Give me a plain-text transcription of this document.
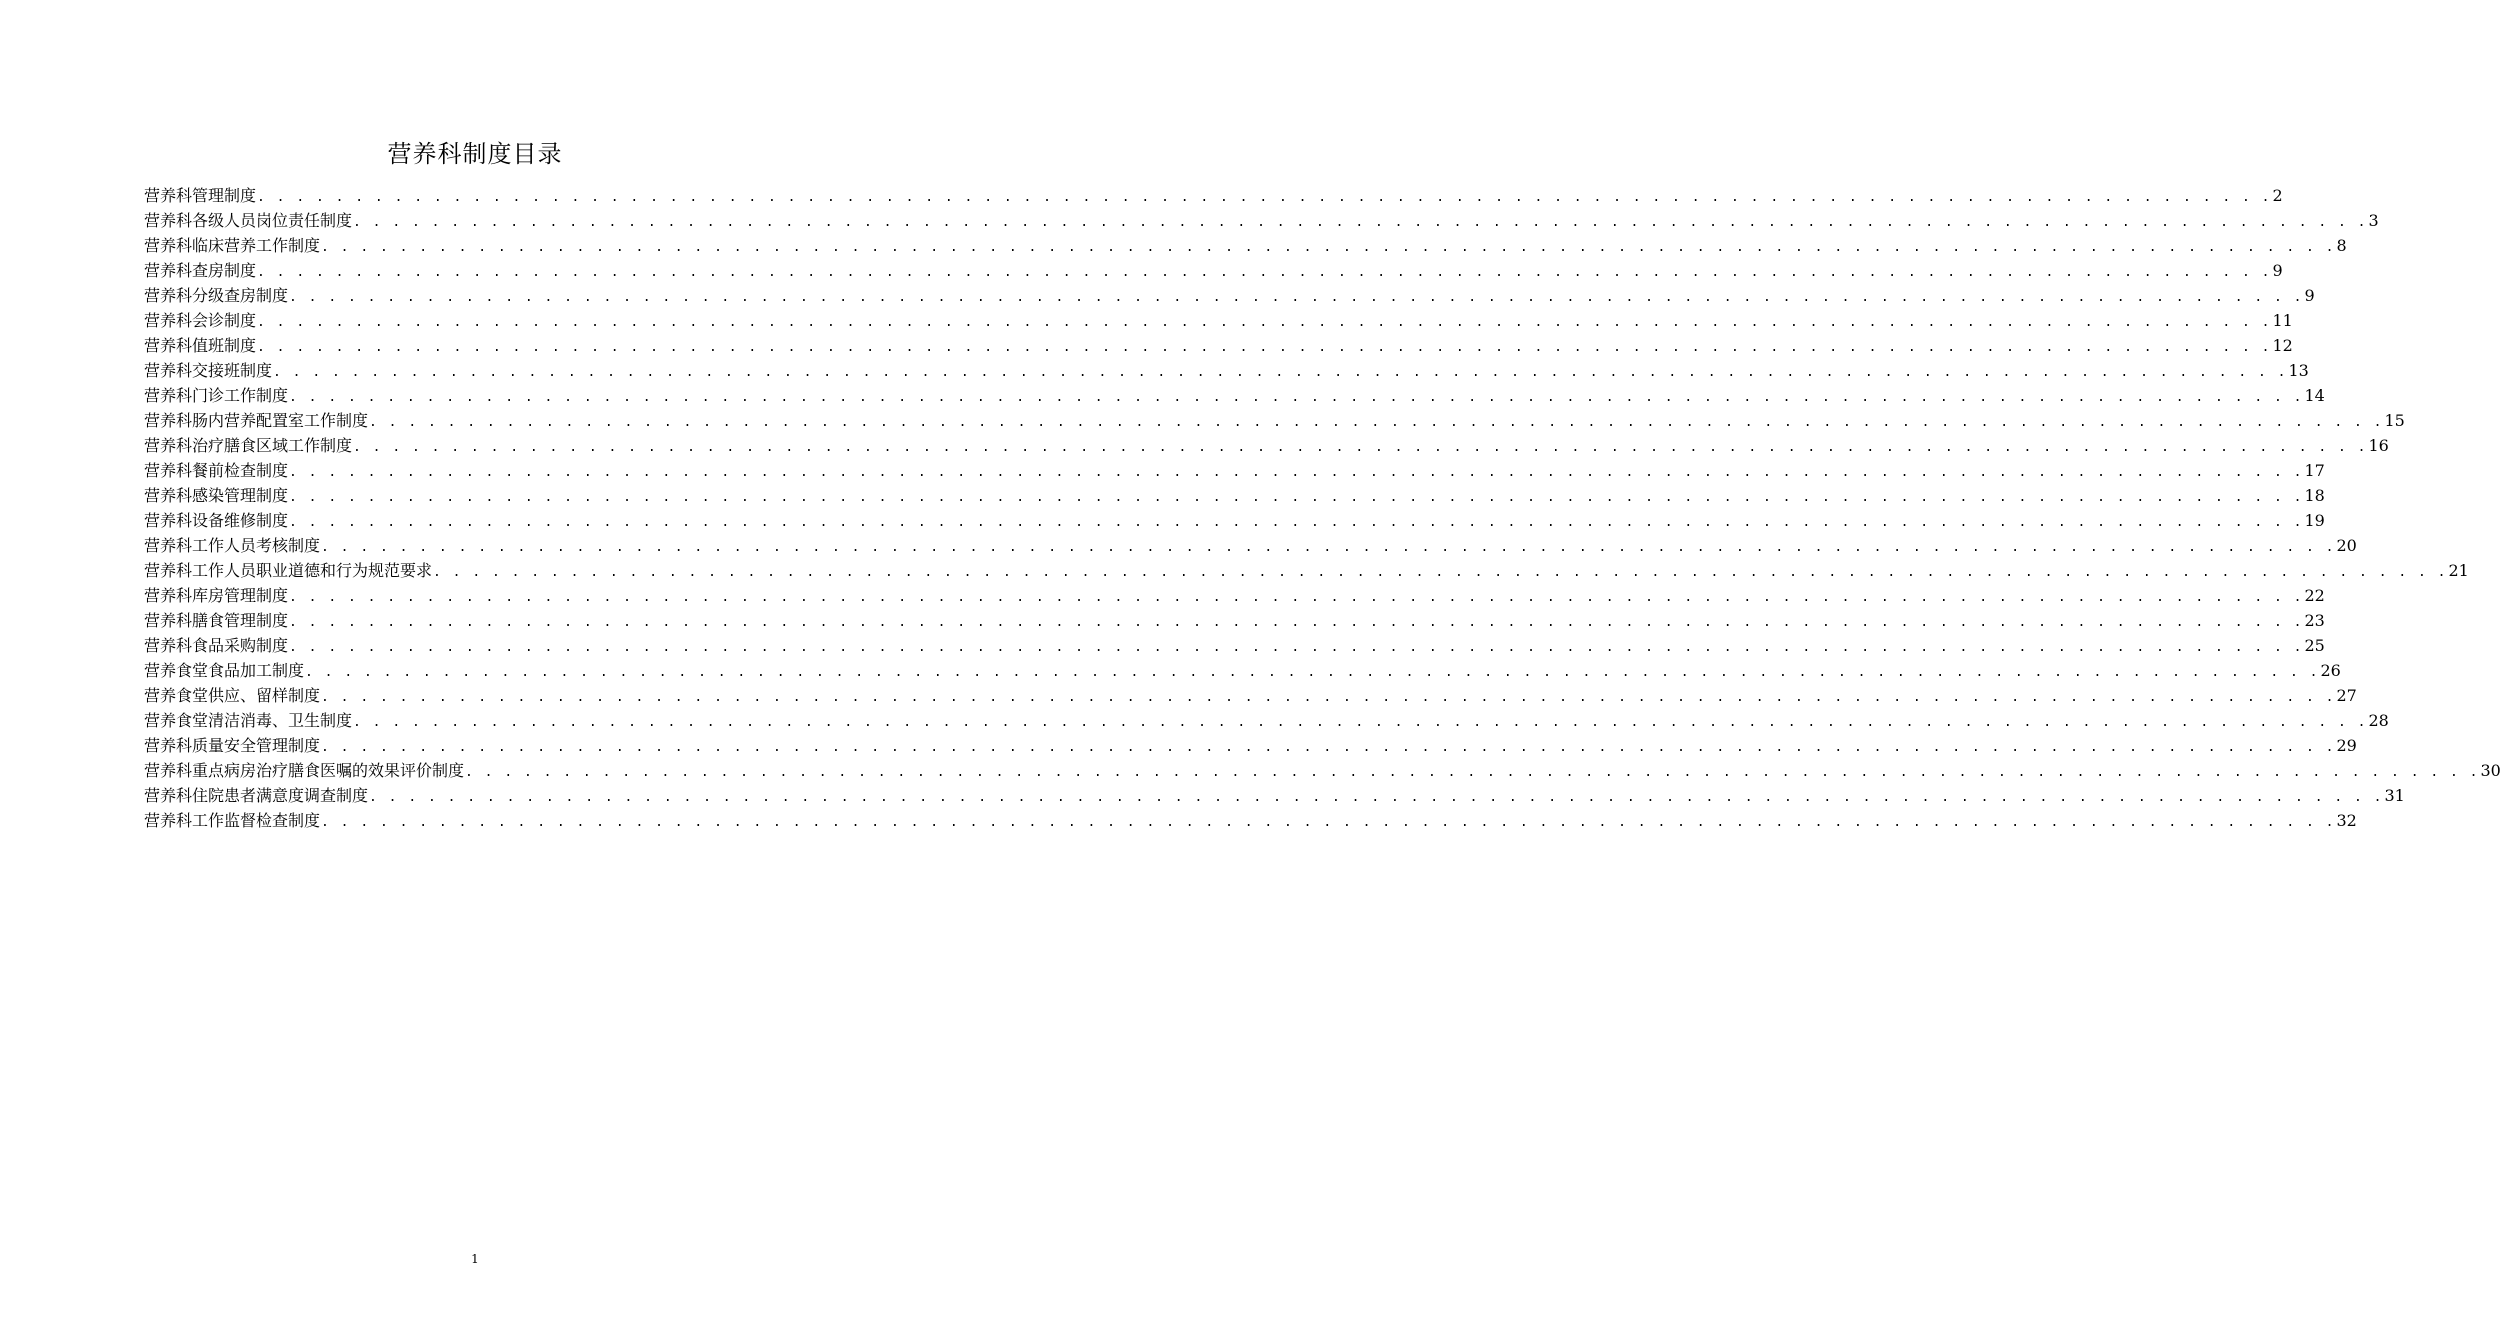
营养科制度目录
营养科管理制度 . . . . . . . . . . . . . . . . . . . . . . . . . . . . . . . . . . . . . . . . . . . . . . . . . . . . . . . . . . . . . . . . . . . . . . . . . . . . . . . . . . . . . . . . . . . . . . . . . . . . . . . 2
营养科各级人员岗位责任制度 . . . . . . . . . . . . . . . . . . . . . . . . . . . . . . . . . . . . . . . . . . . . . . . . . . . . . . . . . . . . . . . . . . . . . . . . . . . . . . . . . . . . . . . . . . . . . . . . . . . . . . . 3
营养科临床营养工作制度 . . . . . . . . . . . . . . . . . . . . . . . . . . . . . . . . . . . . . . . . . . . . . . . . . . . . . . . . . . . . . . . . . . . . . . . . . . . . . . . . . . . . . . . . . . . . . . . . . . . . . . . 8
营养科查房制度 . . . . . . . . . . . . . . . . . . . . . . . . . . . . . . . . . . . . . . . . . . . . . . . . . . . . . . . . . . . . . . . . . . . . . . . . . . . . . . . . . . . . . . . . . . . . . . . . . . . . . . . 9
营养科分级查房制度 . . . . . . . . . . . . . . . . . . . . . . . . . . . . . . . . . . . . . . . . . . . . . . . . . . . . . . . . . . . . . . . . . . . . . . . . . . . . . . . . . . . . . . . . . . . . . . . . . . . . . . . 9
营养科会诊制度 . . . . . . . . . . . . . . . . . . . . . . . . . . . . . . . . . . . . . . . . . . . . . . . . . . . . . . . . . . . . . . . . . . . . . . . . . . . . . . . . . . . . . . . . . . . . . . . . . . . . . . . 11
营养科值班制度 . . . . . . . . . . . . . . . . . . . . . . . . . . . . . . . . . . . . . . . . . . . . . . . . . . . . . . . . . . . . . . . . . . . . . . . . . . . . . . . . . . . . . . . . . . . . . . . . . . . . . . . 12
营养科交接班制度 . . . . . . . . . . . . . . . . . . . . . . . . . . . . . . . . . . . . . . . . . . . . . . . . . . . . . . . . . . . . . . . . . . . . . . . . . . . . . . . . . . . . . . . . . . . . . . . . . . . . . . . 13
营养科门诊工作制度 . . . . . . . . . . . . . . . . . . . . . . . . . . . . . . . . . . . . . . . . . . . . . . . . . . . . . . . . . . . . . . . . . . . . . . . . . . . . . . . . . . . . . . . . . . . . . . . . . . . . . . . 14
营养科肠内营养配置室工作制度 . . . . . . . . . . . . . . . . . . . . . . . . . . . . . . . . . . . . . . . . . . . . . . . . . . . . . . . . . . . . . . . . . . . . . . . . . . . . . . . . . . . . . . . . . . . . . . . . . . . . . . . 15
营养科治疗膳食区域工作制度 . . . . . . . . . . . . . . . . . . . . . . . . . . . . . . . . . . . . . . . . . . . . . . . . . . . . . . . . . . . . . . . . . . . . . . . . . . . . . . . . . . . . . . . . . . . . . . . . . . . . . . . 16
营养科餐前检查制度 . . . . . . . . . . . . . . . . . . . . . . . . . . . . . . . . . . . . . . . . . . . . . . . . . . . . . . . . . . . . . . . . . . . . . . . . . . . . . . . . . . . . . . . . . . . . . . . . . . . . . . . 17
营养科感染管理制度 . . . . . . . . . . . . . . . . . . . . . . . . . . . . . . . . . . . . . . . . . . . . . . . . . . . . . . . . . . . . . . . . . . . . . . . . . . . . . . . . . . . . . . . . . . . . . . . . . . . . . . . 18
营养科设备维修制度 . . . . . . . . . . . . . . . . . . . . . . . . . . . . . . . . . . . . . . . . . . . . . . . . . . . . . . . . . . . . . . . . . . . . . . . . . . . . . . . . . . . . . . . . . . . . . . . . . . . . . . . 19
营养科工作人员考核制度 . . . . . . . . . . . . . . . . . . . . . . . . . . . . . . . . . . . . . . . . . . . . . . . . . . . . . . . . . . . . . . . . . . . . . . . . . . . . . . . . . . . . . . . . . . . . . . . . . . . . . . . 20
营养科工作人员职业道德和行为规范要求 . . . . . . . . . . . . . . . . . . . . . . . . . . . . . . . . . . . . . . . . . . . . . . . . . . . . . . . . . . . . . . . . . . . . . . . . . . . . . . . . . . . . . . . . . . . . . . . . . . . . . . . 21
营养科库房管理制度 . . . . . . . . . . . . . . . . . . . . . . . . . . . . . . . . . . . . . . . . . . . . . . . . . . . . . . . . . . . . . . . . . . . . . . . . . . . . . . . . . . . . . . . . . . . . . . . . . . . . . . . 22
营养科膳食管理制度 . . . . . . . . . . . . . . . . . . . . . . . . . . . . . . . . . . . . . . . . . . . . . . . . . . . . . . . . . . . . . . . . . . . . . . . . . . . . . . . . . . . . . . . . . . . . . . . . . . . . . . . 23
营养科食品采购制度 . . . . . . . . . . . . . . . . . . . . . . . . . . . . . . . . . . . . . . . . . . . . . . . . . . . . . . . . . . . . . . . . . . . . . . . . . . . . . . . . . . . . . . . . . . . . . . . . . . . . . . . 25
营养食堂食品加工制度 . . . . . . . . . . . . . . . . . . . . . . . . . . . . . . . . . . . . . . . . . . . . . . . . . . . . . . . . . . . . . . . . . . . . . . . . . . . . . . . . . . . . . . . . . . . . . . . . . . . . . . . 26
营养食堂供应、留样制度 . . . . . . . . . . . . . . . . . . . . . . . . . . . . . . . . . . . . . . . . . . . . . . . . . . . . . . . . . . . . . . . . . . . . . . . . . . . . . . . . . . . . . . . . . . . . . . . . . . . . . . . 27
营养食堂清洁消毒、卫生制度 . . . . . . . . . . . . . . . . . . . . . . . . . . . . . . . . . . . . . . . . . . . . . . . . . . . . . . . . . . . . . . . . . . . . . . . . . . . . . . . . . . . . . . . . . . . . . . . . . . . . . . . 28
营养科质量安全管理制度 . . . . . . . . . . . . . . . . . . . . . . . . . . . . . . . . . . . . . . . . . . . . . . . . . . . . . . . . . . . . . . . . . . . . . . . . . . . . . . . . . . . . . . . . . . . . . . . . . . . . . . . 29
营养科重点病房治疗膳食医嘱的效果评价制度 . . . . . . . . . . . . . . . . . . . . . . . . . . . . . . . . . . . . . . . . . . . . . . . . . . . . . . . . . . . . . . . . . . . . . . . . . . . . . . . . . . . . . . . . . . . . . . . . . . . . . . . 30
营养科住院患者满意度调查制度 . . . . . . . . . . . . . . . . . . . . . . . . . . . . . . . . . . . . . . . . . . . . . . . . . . . . . . . . . . . . . . . . . . . . . . . . . . . . . . . . . . . . . . . . . . . . . . . . . . . . . . . 31
营养科工作监督检查制度 . . . . . . . . . . . . . . . . . . . . . . . . . . . . . . . . . . . . . . . . . . . . . . . . . . . . . . . . . . . . . . . . . . . . . . . . . . . . . . . . . . . . . . . . . . . . . . . . . . . . . . . 32
1
